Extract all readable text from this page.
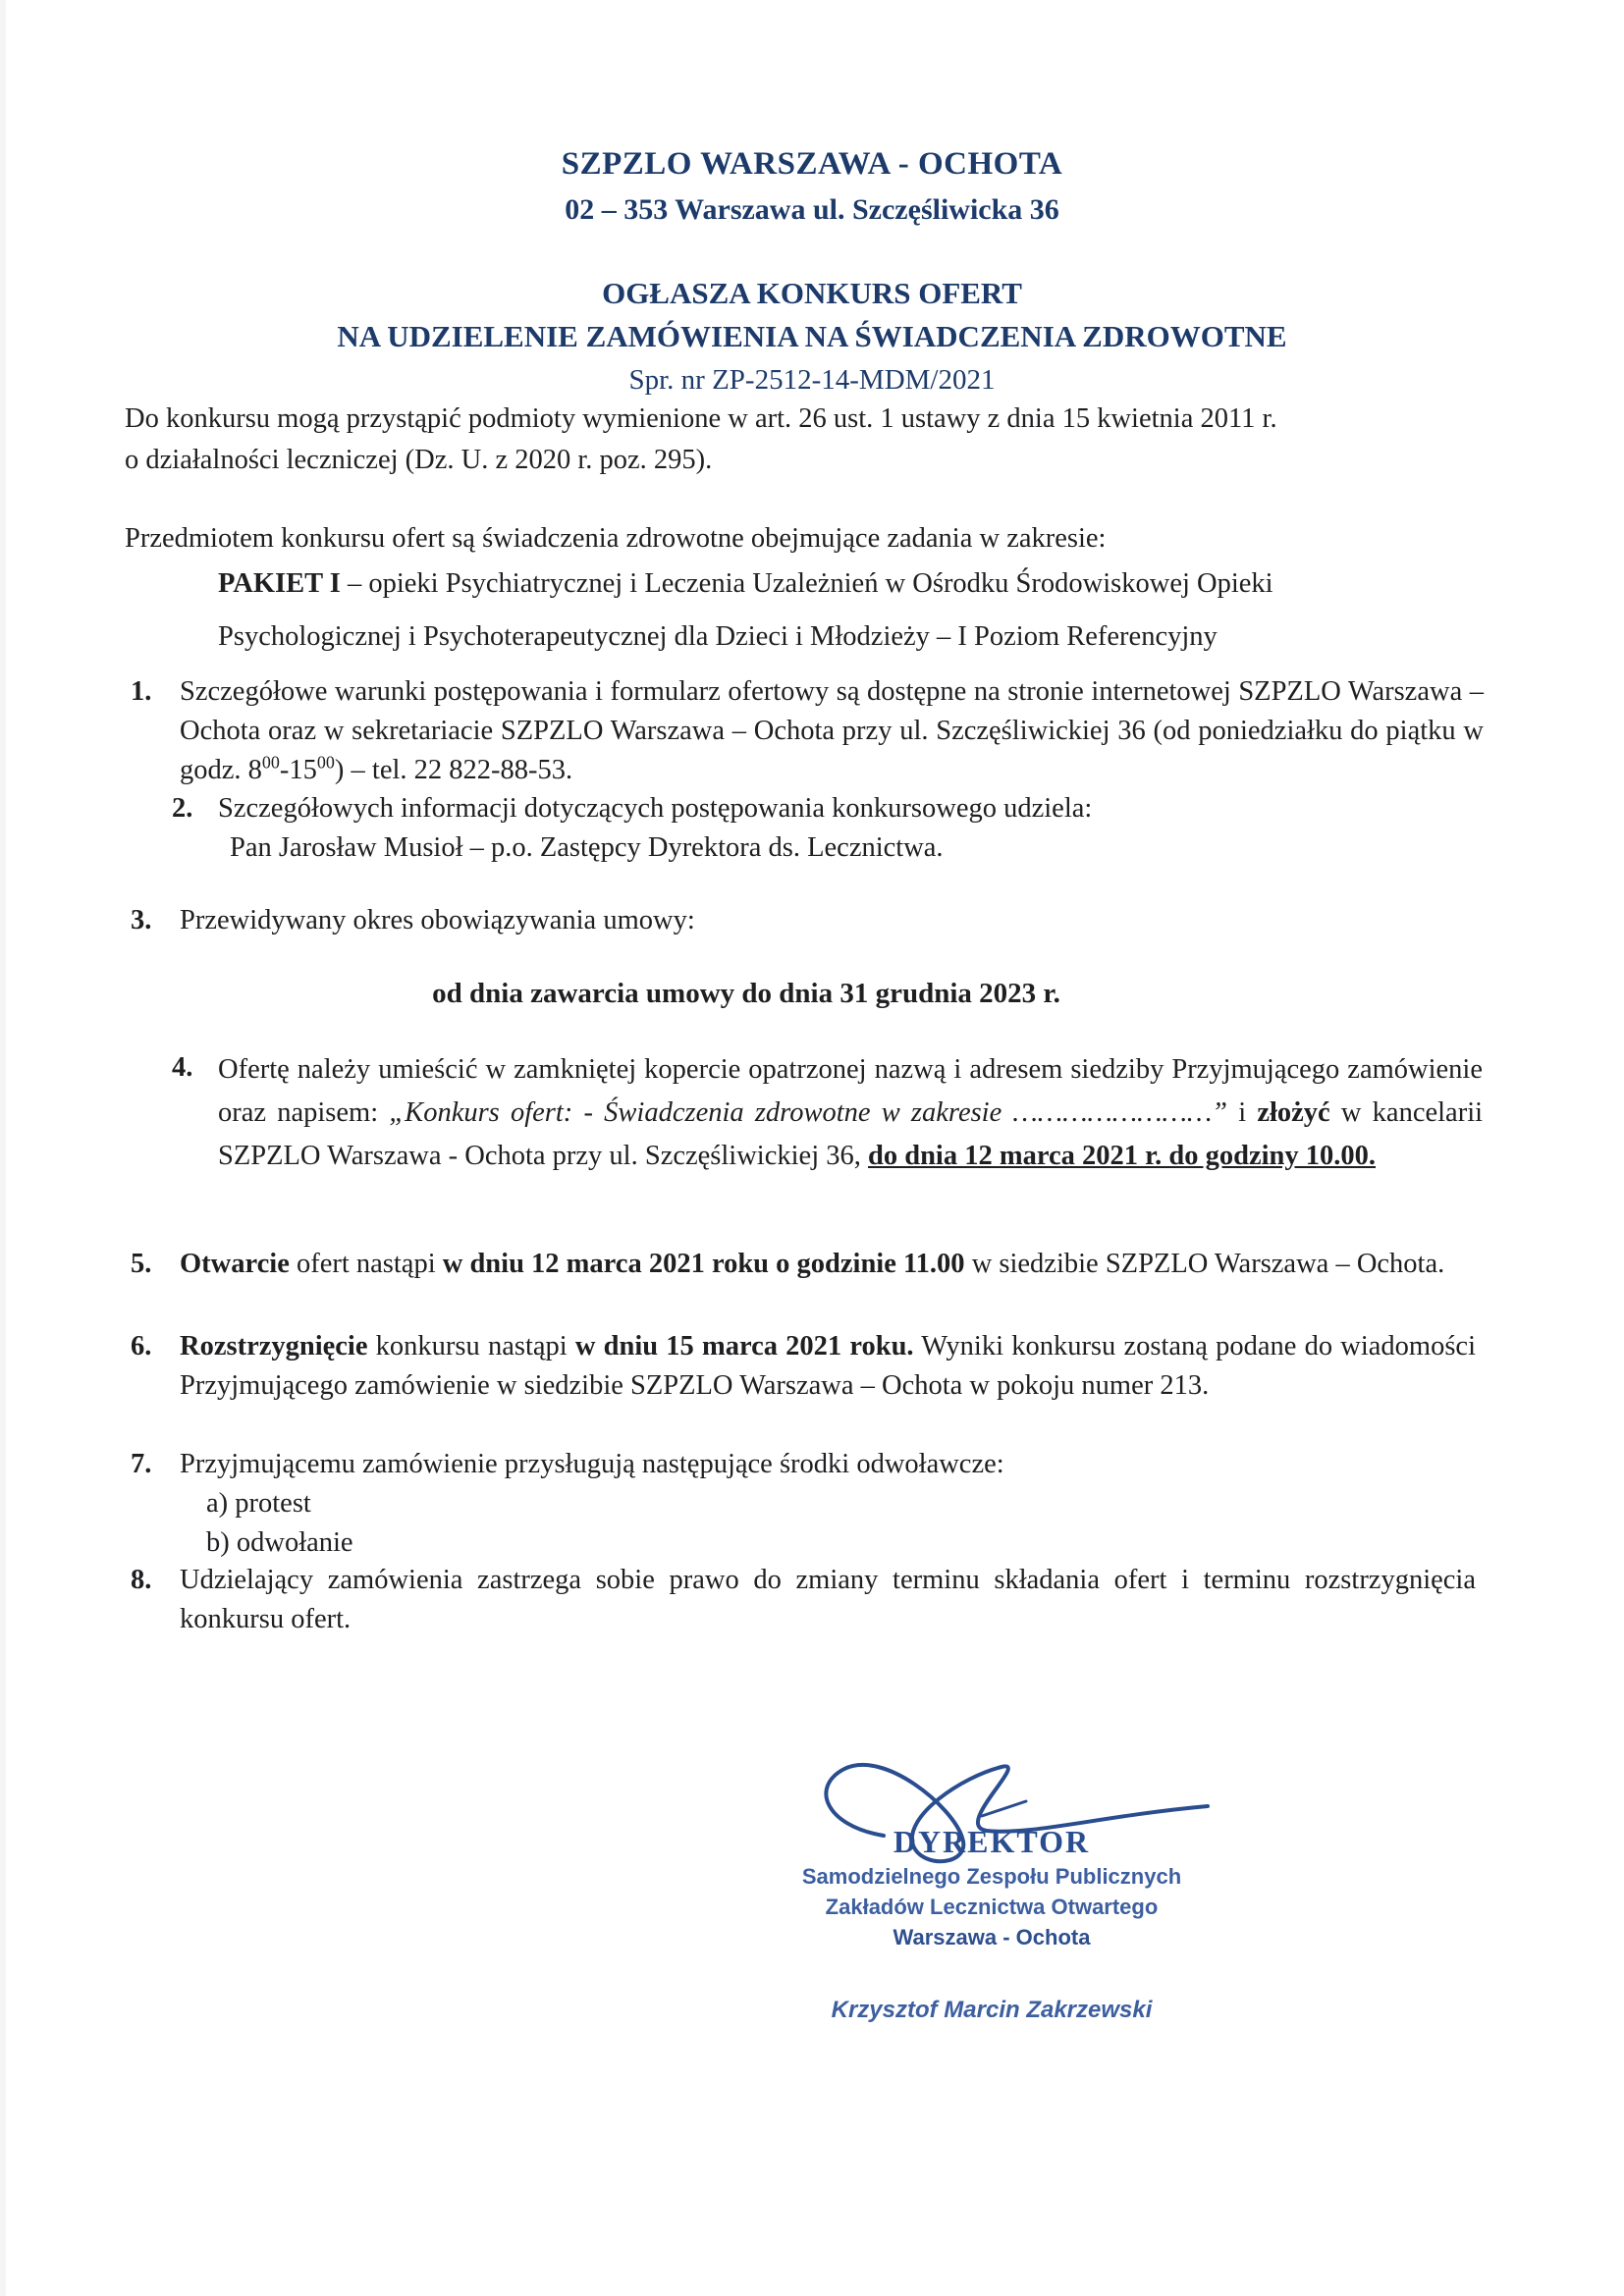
SZPZLO WARSZAWA - OCHOTA
02 – 353 Warszawa ul. Szczęśliwicka 36
OGŁASZA KONKURS OFERT
NA UDZIELENIE ZAMÓWIENIA NA ŚWIADCZENIA ZDROWOTNE
Spr. nr ZP-2512-14-MDM/2021
Do konkursu mogą przystąpić podmioty wymienione w art. 26 ust. 1 ustawy z dnia 15 kwietnia 2011 r.
o działalności leczniczej (Dz. U. z 2020 r. poz. 295).
Przedmiotem konkursu ofert są świadczenia zdrowotne obejmujące zadania w zakresie:
PAKIET I – opieki Psychiatrycznej i Leczenia Uzależnień w Ośrodku Środowiskowej Opieki
Psychologicznej i Psychoterapeutycznej dla Dzieci i Młodzieży – I Poziom Referencyjny
1. Szczegółowe warunki postępowania i formularz ofertowy są dostępne na stronie internetowej SZPZLO Warszawa – Ochota oraz w sekretariacie SZPZLO Warszawa – Ochota przy ul. Szczęśliwickiej 36 (od poniedziałku do piątku w godz. $8^{00}-15^{00}$) – tel. 22 822-88-53.
2. Szczegółowych informacji dotyczących postępowania konkursowego udziela:
Pan Jarosław Musioł – p.o. Zastępcy Dyrektora ds. Lecznictwa.
3. Przewidywany okres obowiązywania umowy:
od dnia zawarcia umowy do dnia 31 grudnia 2023 r.
4. Ofertę należy umieścić w zamkniętej kopercie opatrzonej nazwą i adresem siedziby Przyjmującego zamówienie oraz napisem: „Konkurs ofert: - Świadczenia zdrowotne w zakresie ……………………” i złożyć w kancelarii SZPZLO Warszawa - Ochota przy ul. Szczęśliwickiej 36, do dnia 12 marca 2021 r. do godziny 10.00.
5. Otwarcie ofert nastąpi w dniu 12 marca 2021 roku o godzinie 11.00 w siedzibie SZPZLO Warszawa – Ochota.
6. Rozstrzygnięcie konkursu nastąpi w dniu 15 marca 2021 roku. Wyniki konkursu zostaną podane do wiadomości Przyjmującego zamówienie w siedzibie SZPZLO Warszawa – Ochota w pokoju numer 213.
7. Przyjmującemu zamówienie przysługują następujące środki odwoławcze:
a) protest
b) odwołanie
8. Udzielający zamówienia zastrzega sobie prawo do zmiany terminu składania ofert i terminu rozstrzygnięcia konkursu ofert.
DYREKTOR
Samodzielnego Zespołu Publicznych
Zakładów Lecznictwa Otwartego
Warszawa - Ochota
Krzysztof Marcin Zakrzewski
